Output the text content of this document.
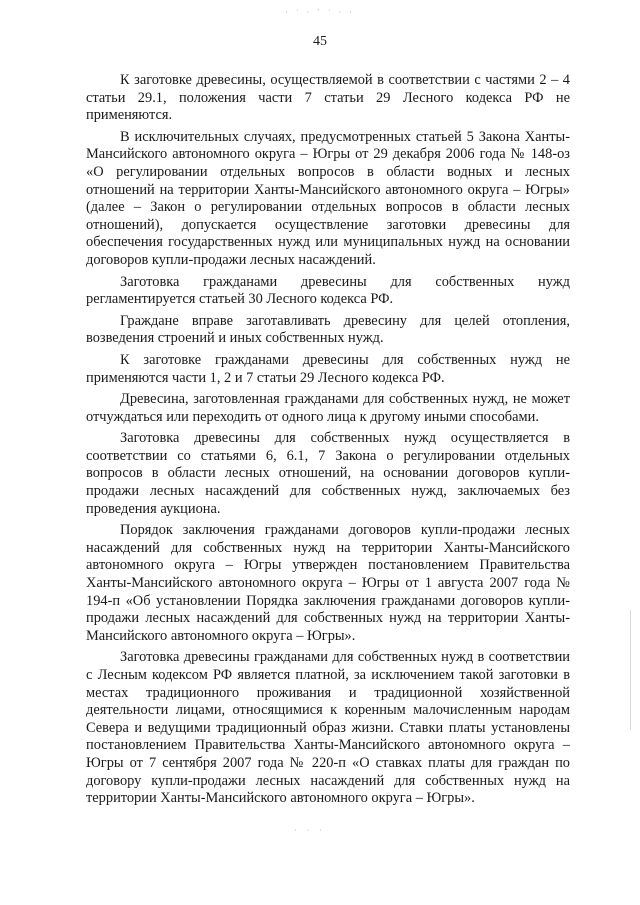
· ˙ · ` ˙ · ·
45

К заготовке древесины, осуществляемой в соответствии с частями 2 – 4 статьи 29.1, положения части 7 статьи 29 Лесного кодекса РФ не применяются.

В исключительных случаях, предусмотренных статьей 5 Закона Ханты-Мансийского автономного округа – Югры от 29 декабря 2006 года № 148-оз «О регулировании отдельных вопросов в области водных и лесных отношений на территории Ханты-Мансийского автономного округа – Югры» (далее – Закон о регулировании отдельных вопросов в области лесных отношений), допускается осуществление заготовки древесины для обеспечения государственных нужд или муниципальных нужд на основании договоров купли-продажи лесных насаждений.

Заготовка гражданами древесины для собственных нужд регламентируется статьей 30 Лесного кодекса РФ.

Граждане вправе заготавливать древесину для целей отопления, возведения строений и иных собственных нужд.

К заготовке гражданами древесины для собственных нужд не применяются части 1, 2 и 7 статьи 29 Лесного кодекса РФ.

Древесина, заготовленная гражданами для собственных нужд, не может отчуждаться или переходить от одного лица к другому иными способами.

Заготовка древесины для собственных нужд осуществляется в соответствии со статьями 6, 6.1, 7 Закона о регулировании отдельных вопросов в области лесных отношений, на основании договоров купли-продажи лесных насаждений для собственных нужд, заключаемых без проведения аукциона.

Порядок заключения гражданами договоров купли-продажи лесных насаждений для собственных нужд на территории Ханты-Мансийского автономного округа – Югры утвержден постановлением Правительства Ханты-Мансийского автономного округа – Югры от 1 августа 2007 года № 194-п «Об установлении Порядка заключения гражданами договоров купли-продажи лесных насаждений для собственных нужд на территории Ханты-Мансийского автономного округа – Югры».

Заготовка древесины гражданами для собственных нужд в соответствии с Лесным кодексом РФ является платной, за исключением такой заготовки в местах традиционного проживания и традиционной хозяйственной деятельности лицами, относящимися к коренным малочисленным народам Севера и ведущими традиционный образ жизни. Ставки платы установлены постановлением Правительства Ханты-Мансийского автономного округа – Югры от 7 сентября 2007 года № 220-п «О ставках платы для граждан по договору купли-продажи лесных насаждений для собственных нужд на территории Ханты-Мансийского автономного округа – Югры».

· · ·
